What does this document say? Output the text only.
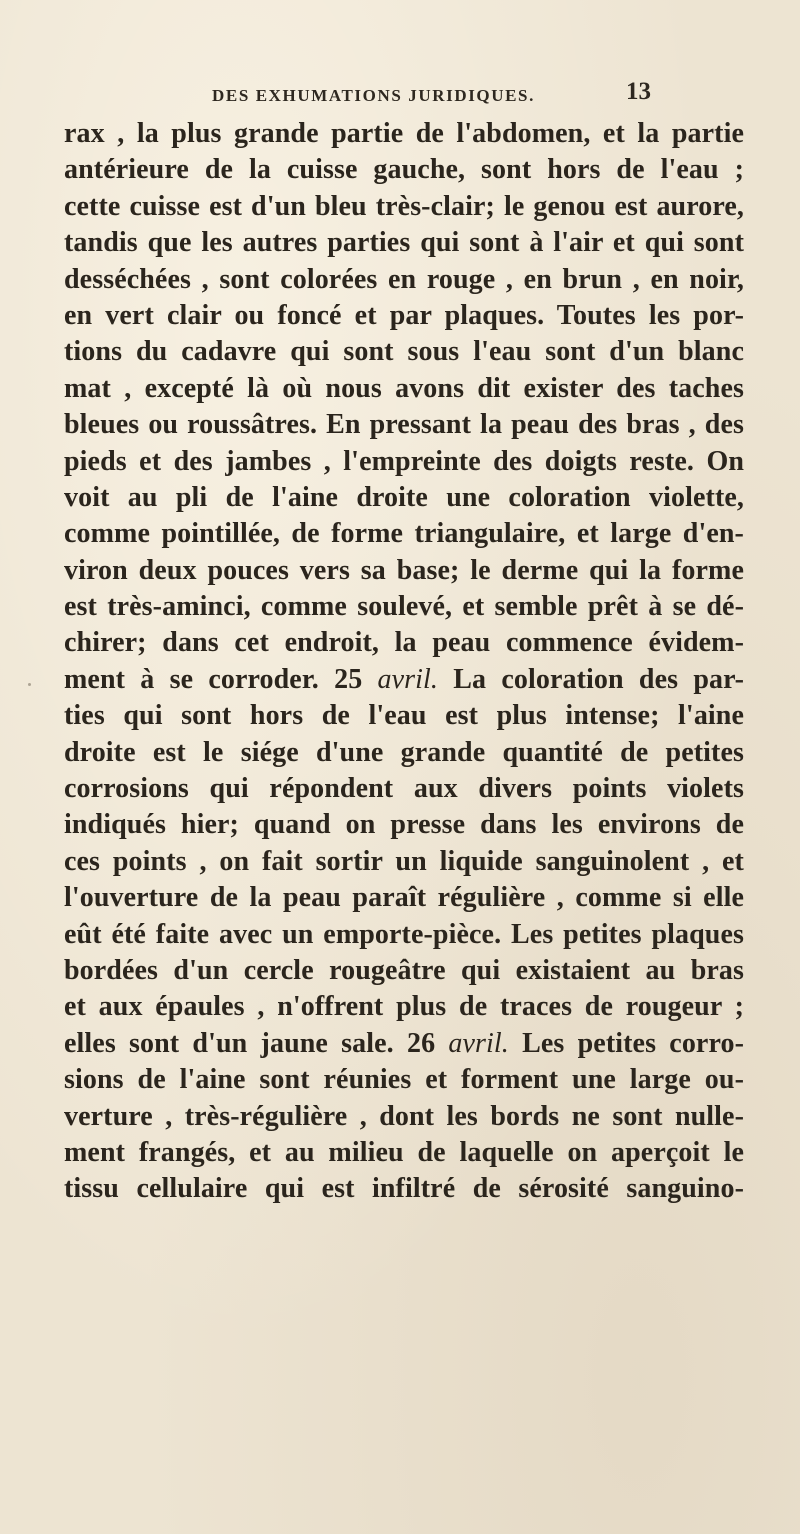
DES EXHUMATIONS JURIDIQUES.	13
rax , la plus grande partie de l'abdomen, et la partie
antérieure de la cuisse gauche, sont hors de l'eau ;
cette cuisse est d'un bleu très-clair; le genou est aurore,
tandis que les autres parties qui sont à l'air et qui sont
desséchées , sont colorées en rouge , en brun , en noir,
en vert clair ou foncé et par plaques. Toutes les por-
tions du cadavre qui sont sous l'eau sont d'un blanc
mat , excepté là où nous avons dit exister des taches
bleues ou roussâtres. En pressant la peau des bras , des
pieds et des jambes , l'empreinte des doigts reste. On
voit au pli de l'aine droite une coloration violette,
comme pointillée, de forme triangulaire, et large d'en-
viron deux pouces vers sa base; le derme qui la forme
est très-aminci, comme soulevé, et semble prêt à se dé-
chirer; dans cet endroit, la peau commence évidem-
ment à se corroder. 25 avril. La coloration des par-
ties qui sont hors de l'eau est plus intense; l'aine
droite est le siége d'une grande quantité de petites
corrosions qui répondent aux divers points violets
indiqués hier; quand on presse dans les environs de
ces points , on fait sortir un liquide sanguinolent , et
l'ouverture de la peau paraît régulière , comme si elle
eût été faite avec un emporte-pièce. Les petites plaques
bordées d'un cercle rougeâtre qui existaient au bras
et aux épaules , n'offrent plus de traces de rougeur ;
elles sont d'un jaune sale. 26 avril. Les petites corro-
sions de l'aine sont réunies et forment une large ou-
verture , très-régulière , dont les bords ne sont nulle-
ment frangés, et au milieu de laquelle on aperçoit le
tissu cellulaire qui est infiltré de sérosité sanguino-
